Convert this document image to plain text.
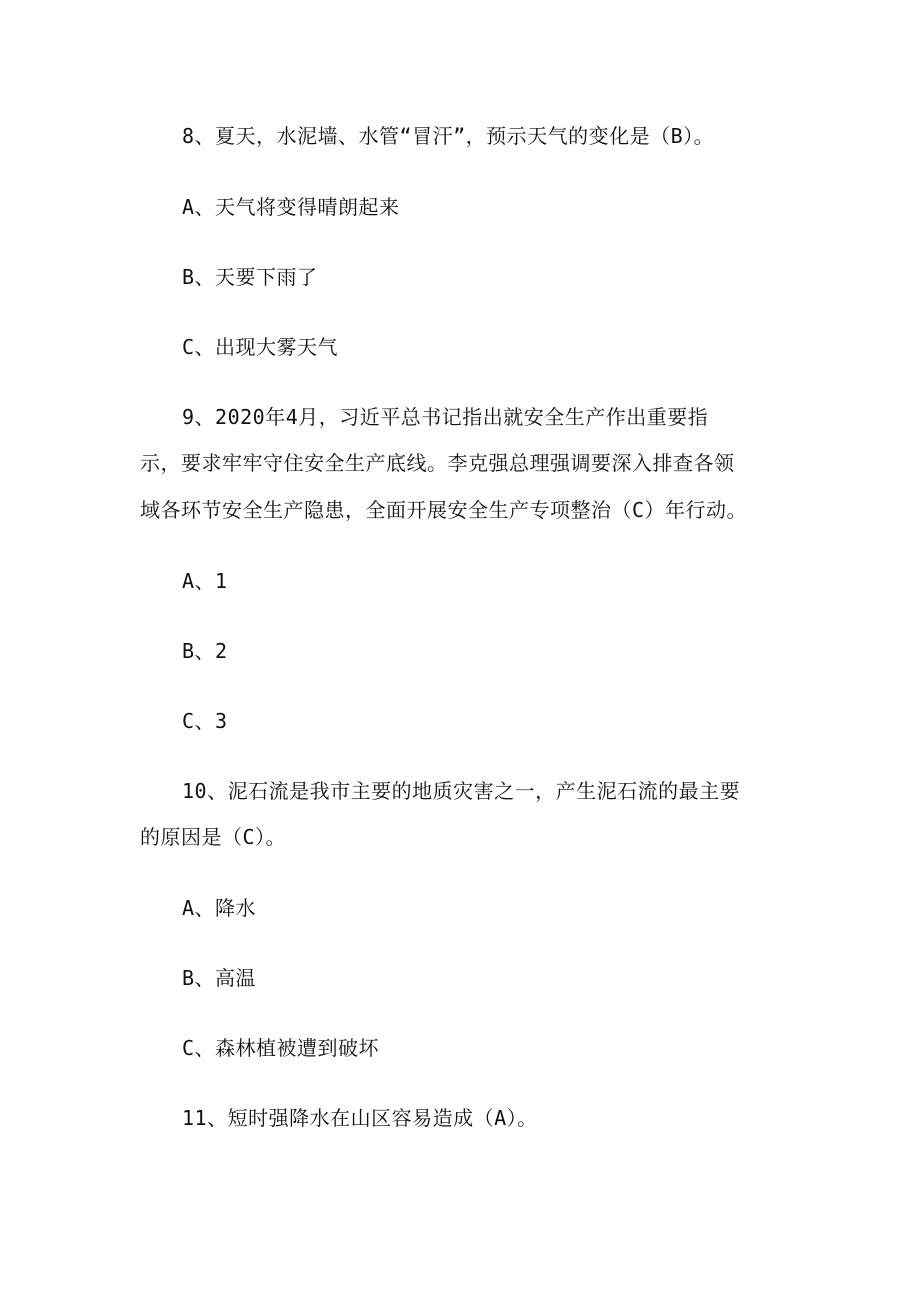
8、夏天，水泥墙、水管“冒汗”，预示天气的变化是（B）。
A、天气将变得晴朗起来
B、天要下雨了
C、出现大雾天气
9、2020年4月，习近平总书记指出就安全生产作出重要指
示，要求牢牢守住安全生产底线。李克强总理强调要深入排查各领
域各环节安全生产隐患，全面开展安全生产专项整治（C）年行动。
A、1
B、2
C、3
10、泥石流是我市主要的地质灾害之一，产生泥石流的最主要
的原因是（C）。
A、降水
B、高温
C、森林植被遭到破坏
11、短时强降水在山区容易造成（A）。
